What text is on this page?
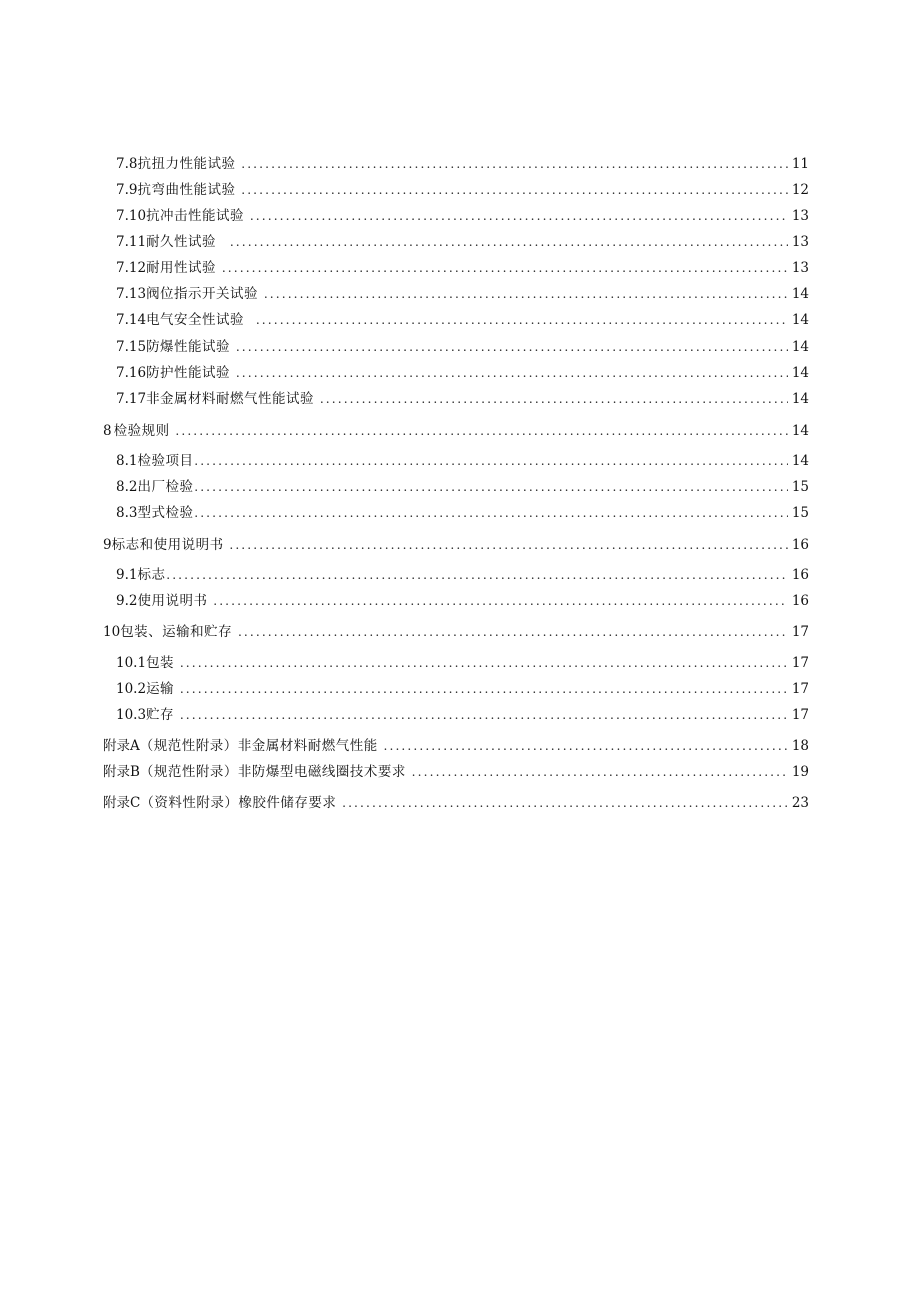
7.8 抗扭力性能试验 .....	11
7.9 抗弯曲性能试验 .....	12
7.10 抗冲击性能试验 .....	13
7.11 耐久性试验 .....	13
7.12 耐用性试验 .....	13
7.13 阀位指示开关试验 .....	14
7.14 电气安全性试验 .....	14
7.15 防爆性能试验 .....	14
7.16 防护性能试验 .....	14
7.17 非金属材料耐燃气性能试验 .....	14
8 检验规则 .....	14
8.1 检验项目 .....	14
8.2 出厂检验 .....	15
8.3 型式检验 .....	15
9 标志和使用说明书 .....	16
9.1 标志 .....	16
9.2 使用说明书 .....	16
10 包装、运输和贮存 .....	17
10.1 包装 .....	17
10.2 运输 .....	17
10.3 贮存 .....	17
附录A （规范性附录）非金属材料耐燃气性能 .....	18
附录B （规范性附录）非防爆型电磁线圈技术要求 .....	19
附录C （资料性附录）橡胶件储存要求 .....	23
